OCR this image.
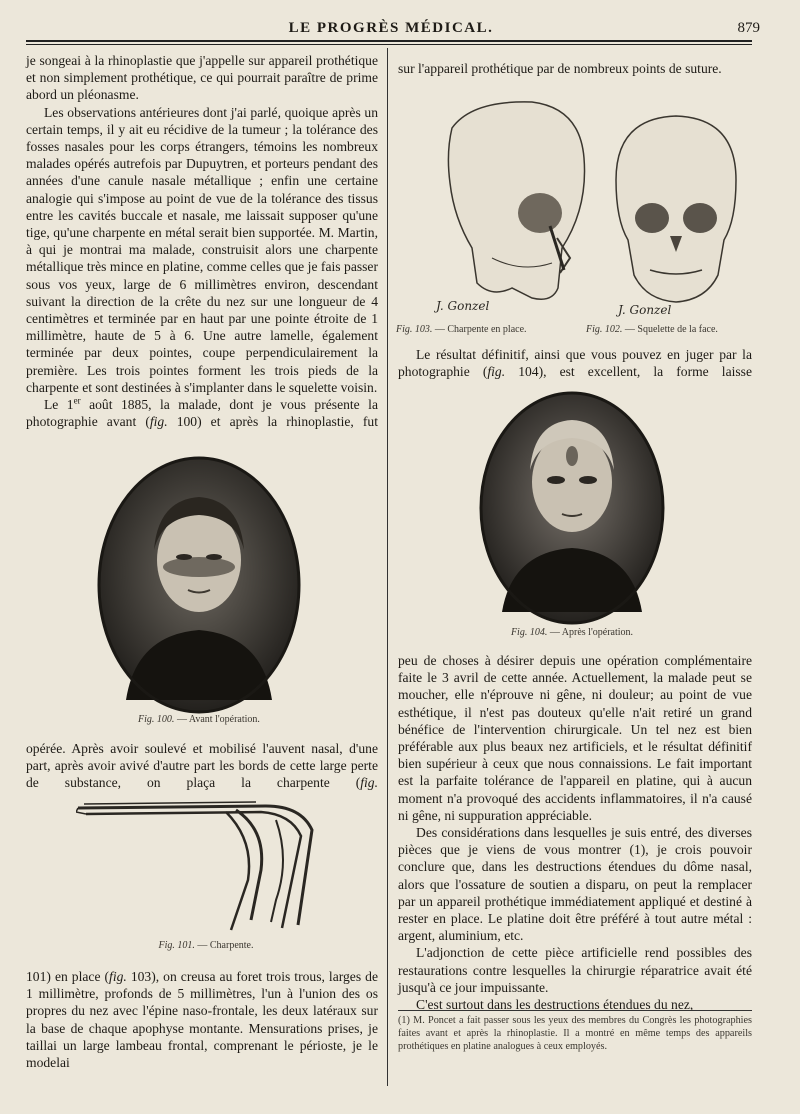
LE PROGRÈS MÉDICAL.	879

je songeai à la rhinoplastie que j'appelle sur appareil prothétique et non simplement prothétique, ce qui pourrait paraître de prime abord un pléonasme.

Les observations antérieures dont j'ai parlé, quoique après un certain temps, il y ait eu récidive de la tumeur ; la tolérance des fosses nasales pour les corps étrangers, témoins les nombreux malades opérés autrefois par Dupuytren, et porteurs pendant des années d'une canule nasale métallique ; enfin une certaine analogie qui s'impose au point de vue de la tolérance des tissus entre les cavités buccale et nasale, me laissait supposer qu'une tige, qu'une charpente en métal serait bien supportée. M. Martin, à qui je montrai ma malade, construisit alors une charpente métallique très mince en platine, comme celles que je fais passer sous vos yeux, large de 6 millimètres environ, descendant suivant la direction de la crête du nez sur une longueur de 4 centimètres et terminée par en haut par une pointe étroite de 1 millimètre, haute de 5 à 6. Une autre lamelle, également terminée par deux pointes, coupe perpendiculairement la première. Les trois pointes forment les trois pieds de la charpente et sont destinées à s'implanter dans le squelette voisin.

Le 1er août 1885, la malade, dont je vous présente la photographie avant (fig. 100) et après la rhinoplastie, fut

Fig. 100. — Avant l'opération.

opérée. Après avoir soulevé et mobilisé l'auvent nasal, d'une part, après avoir avivé d'autre part les bords de cette large perte de substance, on plaça la charpente (fig.

Fig. 101. — Charpente.

101) en place (fig. 103), on creusa au foret trois trous, larges de 1 millimètre, profonds de 5 millimètres, l'un à l'union des os propres du nez avec l'épine naso-frontale, les deux latéraux sur la base de chaque apophyse montante. Mensurations prises, je taillai un large lambeau frontal, comprenant le périoste, je le modelai

sur l'appareil prothétique par de nombreux points de suture.

J. Gonzel
Fig. 103. — Charpente en place.
J. Gonzel
Fig. 102. — Squelette de la face.

Le résultat définitif, ainsi que vous pouvez en juger par la photographie (fig. 104), est excellent, la forme laisse

Fig. 104. — Après l'opération.

peu de choses à désirer depuis une opération complémentaire faite le 3 avril de cette année. Actuellement, la malade peut se moucher, elle n'éprouve ni gêne, ni douleur; au point de vue esthétique, il n'est pas douteux qu'elle n'ait retiré un grand bénéfice de l'intervention chirurgicale. Un tel nez est bien préférable aux plus beaux nez artificiels, et le résultat définitif bien supérieur à ceux que nous connaissions. Le fait important est la parfaite tolérance de l'appareil en platine, qui à aucun moment n'a provoqué des accidents inflammatoires, il n'a causé ni gêne, ni suppuration appréciable.

Des considérations dans lesquelles je suis entré, des diverses pièces que je viens de vous montrer (1), je crois pouvoir conclure que, dans les destructions étendues du dôme nasal, alors que l'ossature de soutien a disparu, on peut la remplacer par un appareil prothétique immédiatement appliqué et destiné à rester en place. Le platine doit être préféré à tout autre métal : argent, aluminium, etc.

L'adjonction de cette pièce artificielle rend possibles des restaurations contre lesquelles la chirurgie réparatrice avait été jusqu'à ce jour impuissante.

C'est surtout dans les destructions étendues du nez,

(1) M. Poncet a fait passer sous les yeux des membres du Congrès les photographies faites avant et après la rhinoplastie. Il a montré en même temps des appareils prothétiques en platine analogues à ceux employés.
